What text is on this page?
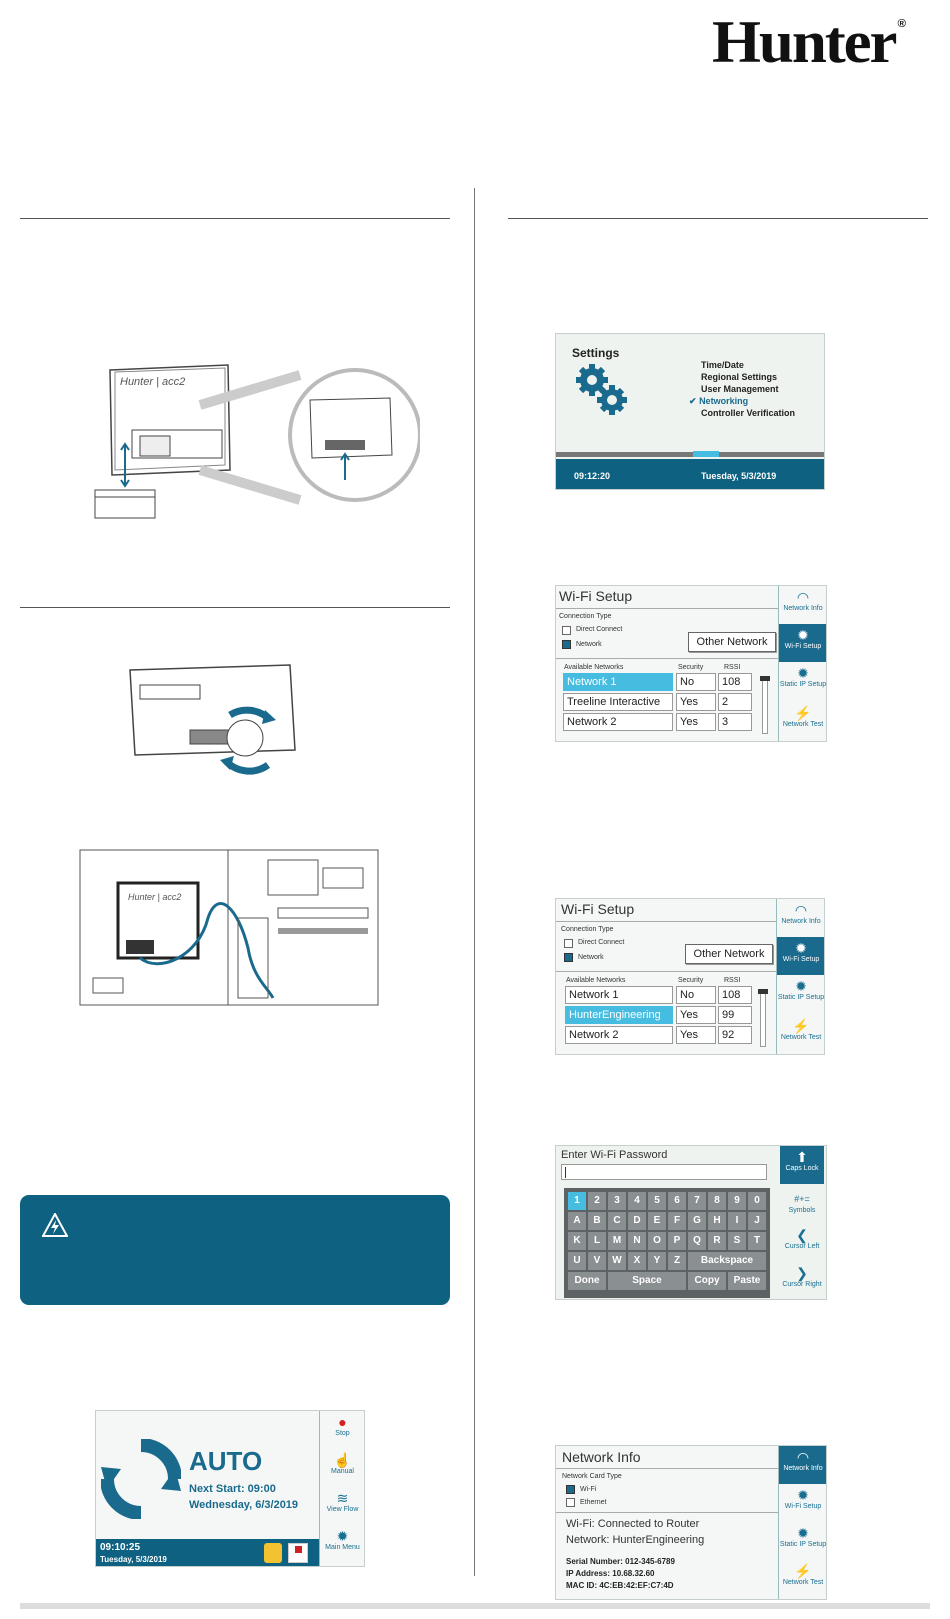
Hunter ®
Hunter | acc2
Hunter | acc2
Settings
Time/Date
Regional Settings
User Management
✔ Networking
Controller Verification
09:12:20	Tuesday, 5/3/2019
Wi-Fi Setup
Connection Type
Direct Connect
Network	Other Network
Available Networks	Security	RSSI
Network 1	No	108
Treeline Interactive	Yes	2
Network 2	Yes	3
◠
Network Info
✹
Wi-Fi Setup
✹
Static IP Setup
⚡
Network Test
Wi-Fi Setup
Connection Type
Direct Connect
Network	Other Network
Available Networks	Security	RSSI
Network 1	No	108
HunterEngineering	Yes	99
Network 2	Yes	92
◠
Network Info
✹
Wi-Fi Setup
✹
Static IP Setup
⚡
Network Test
Enter Wi-Fi Password
1	2	3	4	5	6	7	8	9	0
A	B	C	D	E	F	G	H	I	J
K	L	M	N	O	P	Q	R	S	T
U	V	W	X	Y	Z	Backspace
Done	Space	Copy	Paste
⬆
Caps Lock
#+=
Symbols
❮
Cursor Left
❯
Cursor Right
AUTO
Next Start: 09:00
Wednesday, 6/3/2019
09:10:25
Tuesday, 5/3/2019
●
Stop
☝
Manual
≋
View Flow
✹
Main Menu
Network Info
Network Card Type
Wi-Fi
Ethernet
Wi-Fi: Connected to Router
Network: HunterEngineering
Serial Number: 012-345-6789
IP Address: 10.68.32.60
MAC ID: 4C:EB:42:EF:C7:4D
◠
Network Info
✹
Wi-Fi Setup
✹
Static IP Setup
⚡
Network Test
